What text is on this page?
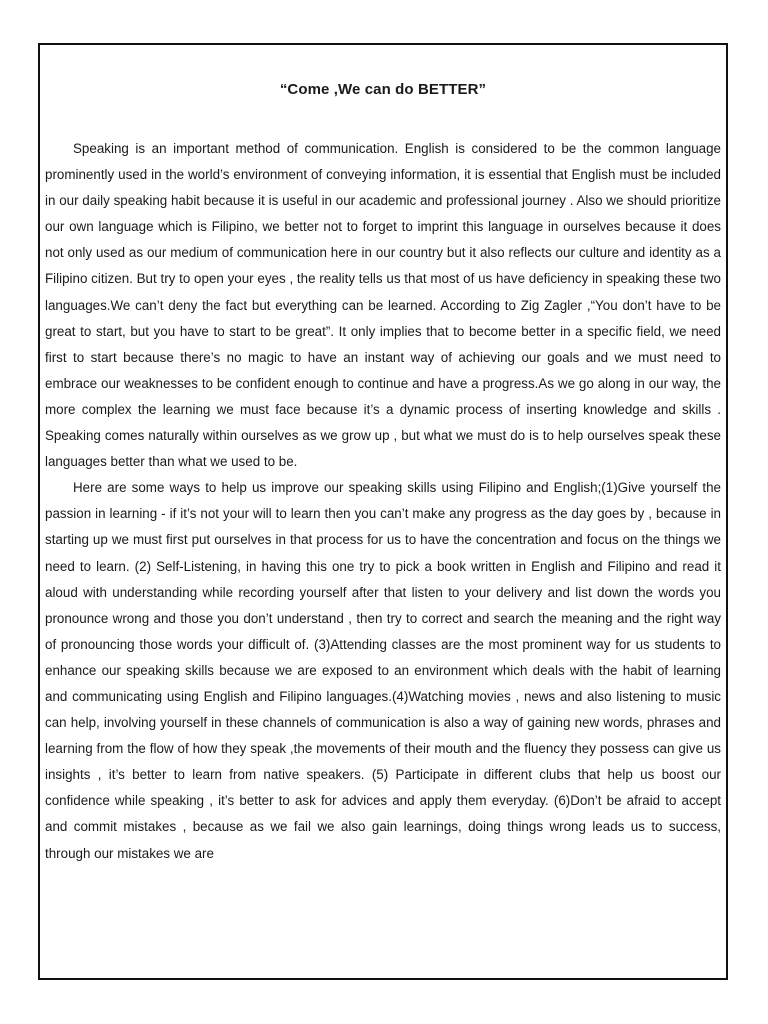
“Come ,We can do BETTER”

Speaking is an important method of communication. English is considered to be the common language prominently used in the world’s environment of conveying information, it is essential that English must be included in our daily speaking habit because it is useful in our academic and professional journey . Also we should prioritize our own language which is Filipino, we better not to forget to imprint this language in ourselves because it does not only used as our medium of communication here in our country but it also reflects our culture and identity as a Filipino citizen. But try to open your eyes , the reality tells us that most of us have deficiency in speaking these two languages.We can’t deny the fact but everything can be learned. According to Zig Zagler ,“You don’t have to be great to start, but you have to start to be great”. It only implies that to become better in a specific field, we need first to start because there’s no magic to have an instant way of achieving our goals and we must need to embrace our weaknesses to be confident enough to continue and have a progress.As we go along in our way, the more complex the learning we must face because it’s a dynamic process of inserting knowledge and skills . Speaking comes naturally within ourselves as we grow up , but what we must do is to help ourselves speak these languages better than what we used to be.

Here are some ways to help us improve our speaking skills using Filipino and English;(1)Give yourself the passion in learning - if it’s not your will to learn then you can’t make any progress as the day goes by , because in starting up we must first put ourselves in that process for us to have the concentration and focus on the things we need to learn. (2) Self-Listening, in having this one try to pick a book written in English and Filipino and read it aloud with understanding while recording yourself after that listen to your delivery and list down the words you pronounce wrong and those you don’t understand , then try to correct and search the meaning and the right way of pronouncing those words your difficult of. (3)Attending classes are the most prominent way for us students to enhance our speaking skills because we are exposed to an environment which deals with the habit of learning and communicating using English and Filipino languages.(4)Watching movies , news and also listening to music can help, involving yourself in these channels of communication is also a way of gaining new words, phrases and learning from the flow of how they speak ,the movements of their mouth and the fluency they possess can give us insights , it’s better to learn from native speakers. (5) Participate in different clubs that help us boost our confidence while speaking , it’s better to ask for advices and apply them everyday. (6)Don’t be afraid to accept and commit mistakes , because as we fail we also gain learnings, doing things wrong leads us to success, through our mistakes we are
